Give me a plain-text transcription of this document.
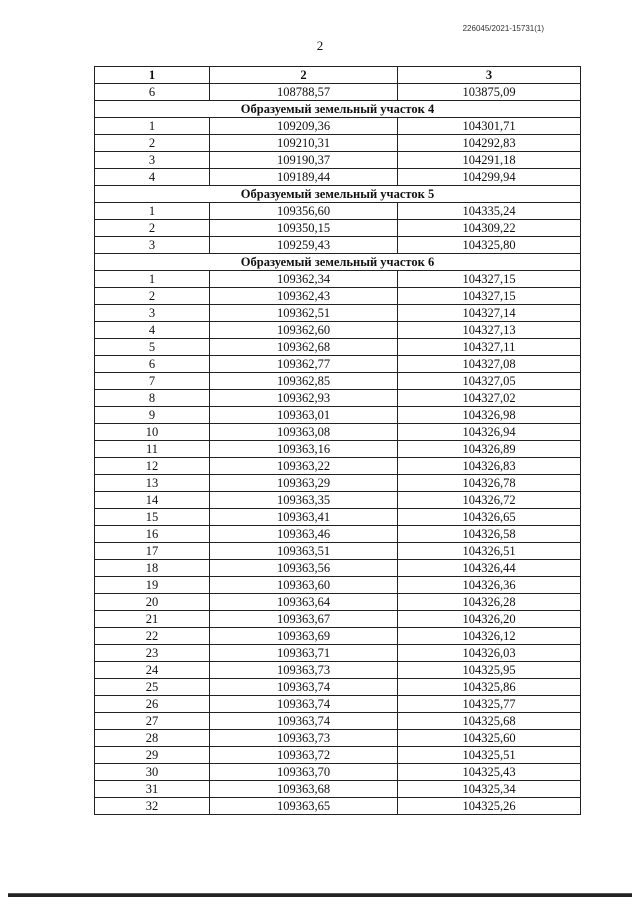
226045/2021-15731(1)
2
1	2	3
6	108788,57	103875,09
Образуемый земельный участок 4		
1	109209,36	104301,71
2	109210,31	104292,83
3	109190,37	104291,18
4	109189,44	104299,94
Образуемый земельный участок 5		
1	109356,60	104335,24
2	109350,15	104309,22
3	109259,43	104325,80
Образуемый земельный участок 6		
1	109362,34	104327,15
2	109362,43	104327,15
3	109362,51	104327,14
4	109362,60	104327,13
5	109362,68	104327,11
6	109362,77	104327,08
7	109362,85	104327,05
8	109362,93	104327,02
9	109363,01	104326,98
10	109363,08	104326,94
11	109363,16	104326,89
12	109363,22	104326,83
13	109363,29	104326,78
14	109363,35	104326,72
15	109363,41	104326,65
16	109363,46	104326,58
17	109363,51	104326,51
18	109363,56	104326,44
19	109363,60	104326,36
20	109363,64	104326,28
21	109363,67	104326,20
22	109363,69	104326,12
23	109363,71	104326,03
24	109363,73	104325,95
25	109363,74	104325,86
26	109363,74	104325,77
27	109363,74	104325,68
28	109363,73	104325,60
29	109363,72	104325,51
30	109363,70	104325,43
31	109363,68	104325,34
32	109363,65	104325,26
